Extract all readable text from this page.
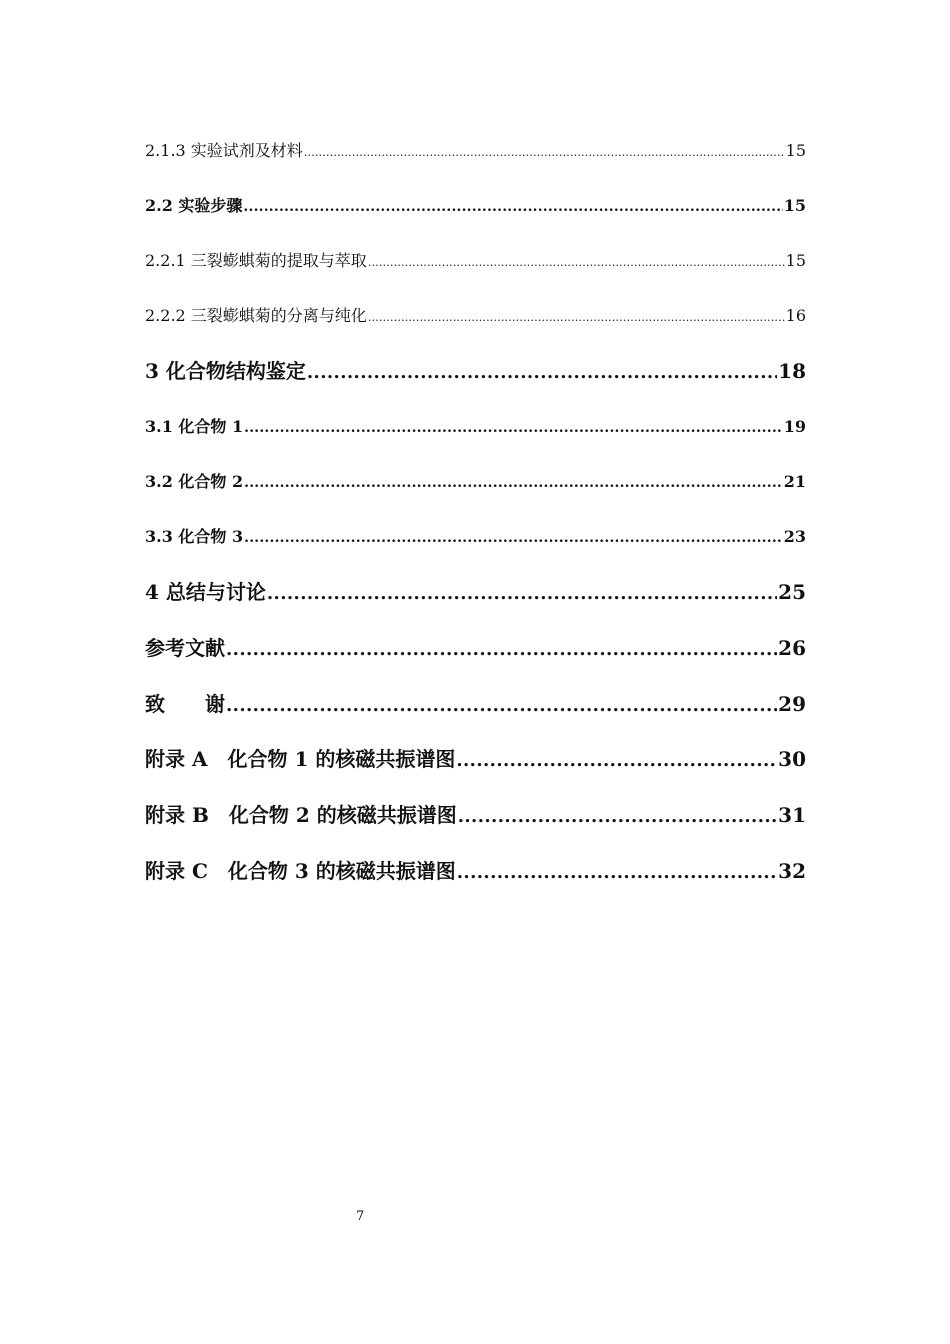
2.1.3 实验试剂及材料 .....	15
2.2 实验步骤 .....	15
2.2.1 三裂蟛蜞菊的提取与萃取 .....	15
2.2.2 三裂蟛蜞菊的分离与纯化 .....	16
3 化合物结构鉴定 .....	18
3.1 化合物 1 .....	19
3.2 化合物 2 .....	21
3.3 化合物 3 .....	23
4 总结与讨论 .....	25
参考文献 .....	26
致　　谢 .....	29
附录 A　化合物 1 的核磁共振谱图 .....	30
附录 B　化合物 2 的核磁共振谱图 .....	31
附录 C　化合物 3 的核磁共振谱图 .....	32
7
